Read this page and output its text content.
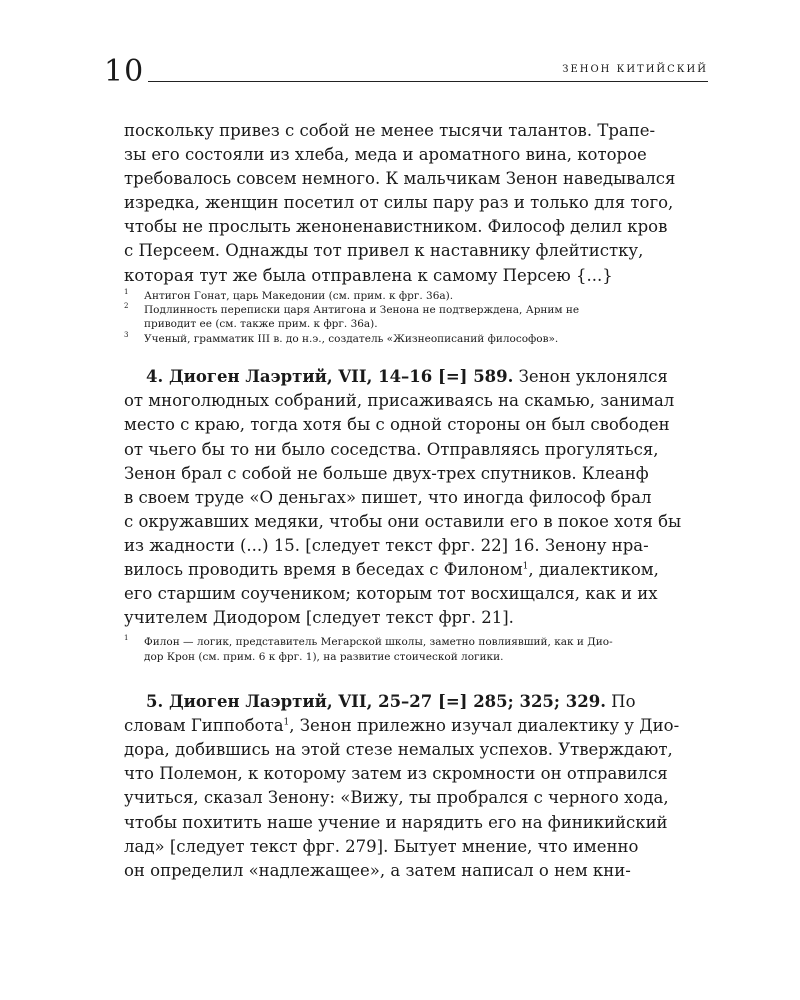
10	ЗЕНОН КИТИЙСКИЙ
поскольку привез с собой не менее тысячи талантов. Трапе-
зы его состояли из хлеба, меда и ароматного вина, которое
требовалось совсем немного. К мальчикам Зенон наведывался
изредка, женщин посетил от силы пару раз и только для того,
чтобы не прослыть женоненавистником. Философ делил кров
с Персеем. Однажды тот привел к наставнику флейтистку,
которая тут же была отправлена к самому Персею {...}
1 Антигон Гонат, царь Македонии (см. прим. к фрг. 36а).
2 Подлинность переписки царя Антигона и Зенона не подтверждена, Арним не
приводит ее (см. также прим. к фрг. 36а).
3 Ученый, грамматик III в. до н.э., создатель «Жизнеописаний философов».
4. Диоген Лаэртий, VII, 14–16 [=] 589. Зенон уклонялся
от многолюдных собраний, присаживаясь на скамью, занимал
место с краю, тогда хотя бы с одной стороны он был свободен
от чьего бы то ни было соседства. Отправляясь прогуляться,
Зенон брал с собой не больше двух-трех спутников. Клеанф
в своем труде «О деньгах» пишет, что иногда философ брал
с окружавших медяки, чтобы они оставили его в покое хотя бы
из жадности (...) 15. [следует текст фрг. 22] 16. Зенону нра-
вилось проводить время в беседах с Филоном$^1$, диалектиком,
его старшим соучеником; которым тот восхищался, как и их
учителем Диодором [следует текст фрг. 21].
1 Филон — логик, представитель Мегарской школы, заметно повлиявший, как и Дио-
дор Крон (см. прим. 6 к фрг. 1), на развитие стоической логики.
5. Диоген Лаэртий, VII, 25–27 [=] 285; 325; 329. По
словам Гиппобота$^1$, Зенон прилежно изучал диалектику у Дио-
дора, добившись на этой стезе немалых успехов. Утверждают,
что Полемон, к которому затем из скромности он отправился
учиться, сказал Зенону: «Вижу, ты пробрался с черного хода,
чтобы похитить наше учение и нарядить его на финикийский
лад» [следует текст фрг. 279]. Бытует мнение, что именно
он определил «надлежащее», а затем написал о нем кни-
